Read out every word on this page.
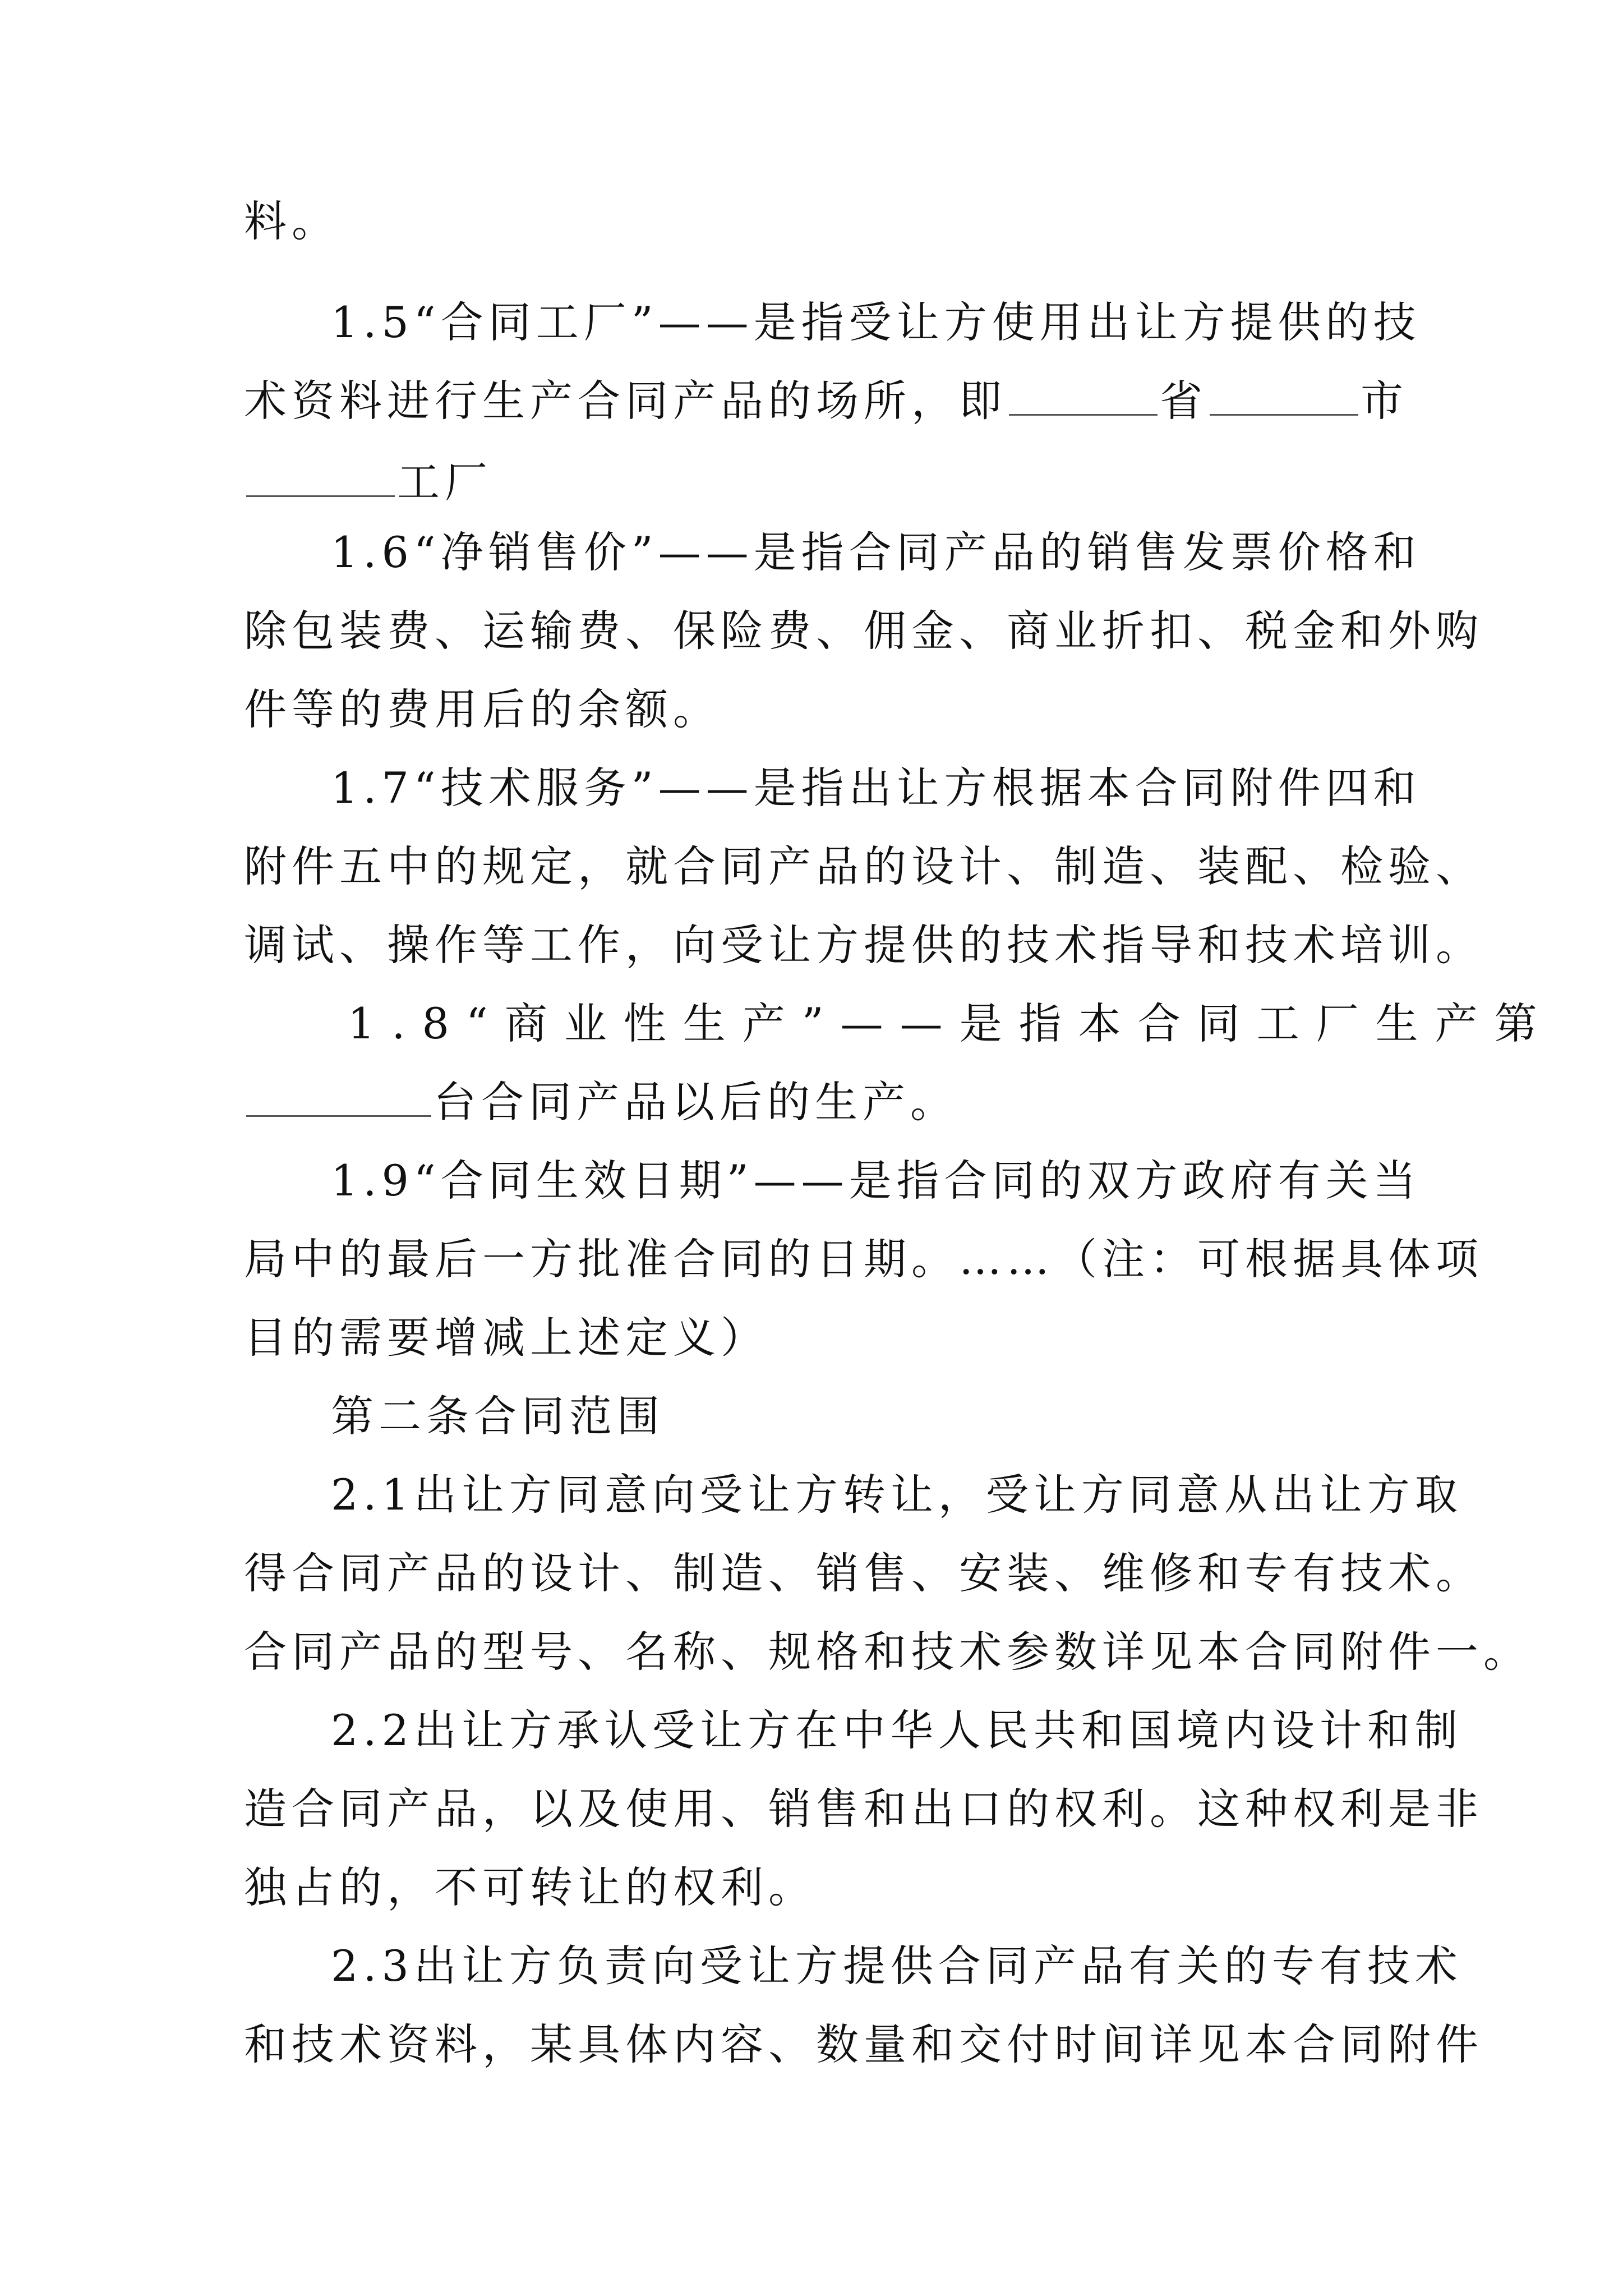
料。
1.5“合同工厂”——是指受让方使用出让方提供的技
术资料进行生产合同产品的场所，即	省	市
工厂
1.6“净销售价”——是指合同产品的销售发票价格和
除包装费、运输费、保险费、佣金、商业折扣、税金和外购
件等的费用后的余额。
1.7“技术服务”——是指出让方根据本合同附件四和
附件五中的规定，就合同产品的设计、制造、装配、检验、
调试、操作等工作，向受让方提供的技术指导和技术培训。
1.8“商业性生产”——是指本合同工厂生产第
台合同产品以后的生产。
1.9“合同生效日期”——是指合同的双方政府有关当
局中的最后一方批准合同的日期。……（注：可根据具体项
目的需要增减上述定义）
第二条合同范围
2.1出让方同意向受让方转让，受让方同意从出让方取
得合同产品的设计、制造、销售、安装、维修和专有技术。
合同产品的型号、名称、规格和技术参数详见本合同附件一。
2.2出让方承认受让方在中华人民共和国境内设计和制
造合同产品，以及使用、销售和出口的权利。这种权利是非
独占的，不可转让的权利。
2.3出让方负责向受让方提供合同产品有关的专有技术
和技术资料，某具体内容、数量和交付时间详见本合同附件
